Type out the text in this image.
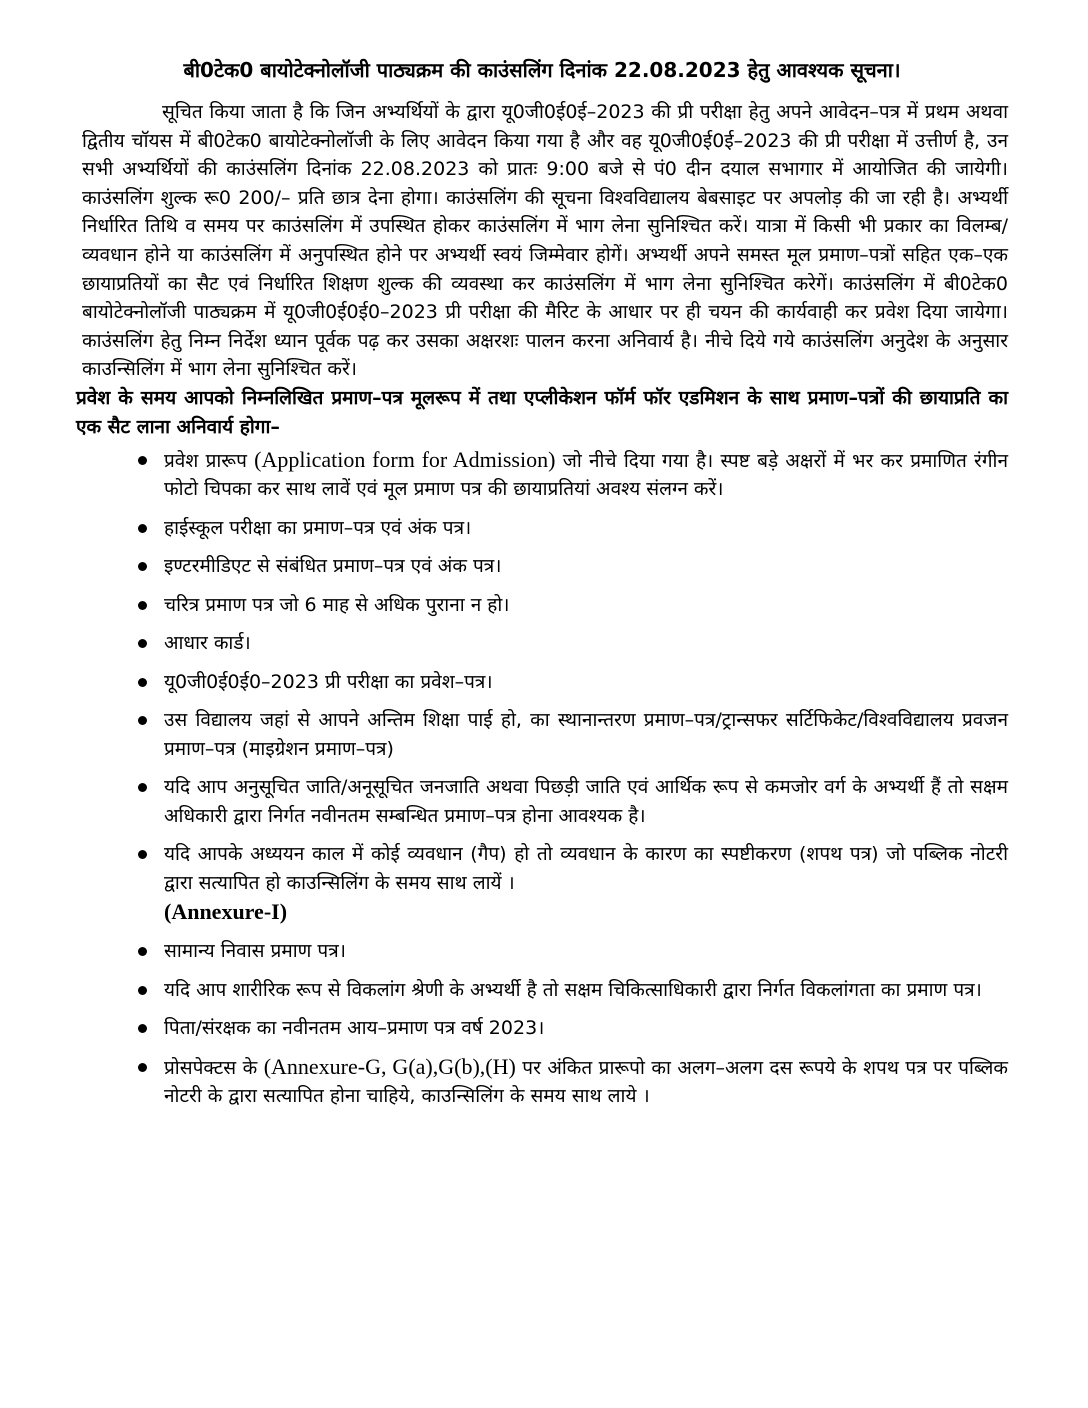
बी0टेक0 बायोटेक्नोलॉजी पाठ्यक्रम की काउंसलिंग दिनांक 22.08.2023 हेतु आवश्यक सूचना।

सूचित किया जाता है कि जिन अभ्यर्थियों के द्वारा यू0जी0ई0ई–2023 की प्री परीक्षा हेतु अपने आवेदन–पत्र में प्रथम अथवा द्वितीय चॉयस में बी0टेक0 बायोटेक्नोलॉजी के लिए आवेदन किया गया है और वह यू0जी0ई0ई–2023 की प्री परीक्षा में उत्तीर्ण है, उन सभी अभ्यर्थियों की काउंसलिंग दिनांक 22.08.2023 को प्रातः 9:00 बजे से पं0 दीन दयाल सभागार में आयोजित की जायेगी। काउंसलिंग शुल्क रू0 200/– प्रति छात्र देना होगा। काउंसलिंग की सूचना विश्वविद्यालय बेबसाइट पर अपलोड़ की जा रही है। अभ्यर्थी निर्धारित तिथि व समय पर काउंसलिंग में उपस्थित होकर काउंसलिंग में भाग लेना सुनिश्चित करें। यात्रा में किसी भी प्रकार का विलम्ब/व्यवधान होने या काउंसलिंग में अनुपस्थित होने पर अभ्यर्थी स्वयं जिम्मेवार होगें। अभ्यर्थी अपने समस्त मूल प्रमाण–पत्रों सहित एक–एक छायाप्रतियों का सैट एवं निर्धारित शिक्षण शुल्क की व्यवस्था कर काउंसलिंग में भाग लेना सुनिश्चित करेगें। काउंसलिंग में बी0टेक0 बायोटेक्नोलॉजी पाठ्यक्रम में यू0जी0ई0ई0–2023 प्री परीक्षा की मैरिट के आधार पर ही चयन की कार्यवाही कर प्रवेश दिया जायेगा। काउंसलिंग हेतु निम्न निर्देश ध्यान पूर्वक पढ़ कर उसका अक्षरशः पालन करना अनिवार्य है। नीचे दिये गये काउंसलिंग अनुदेश के अनुसार काउन्सिलिंग में भाग लेना सुनिश्चित करें।

प्रवेश के समय आपको निम्नलिखित प्रमाण–पत्र मूलरूप में तथा एप्लीकेशन फॉर्म फॉर एडमिशन के साथ प्रमाण–पत्रों की छायाप्रति का एक सैट लाना अनिवार्य होगा–

प्रवेश प्रारूप (Application form for Admission) जो नीचे दिया गया है। स्पष्ट बड़े अक्षरों में भर कर प्रमाणित रंगीन फोटो चिपका कर साथ लावें एवं मूल प्रमाण पत्र की छायाप्रतियां अवश्य संलग्न करें।
हाईस्कूल परीक्षा का प्रमाण–पत्र एवं अंक पत्र।
इण्टरमीडिएट से संबंधित प्रमाण–पत्र एवं अंक पत्र।
चरित्र प्रमाण पत्र जो 6 माह से अधिक पुराना न हो।
आधार कार्ड।
यू0जी0ई0ई0–2023 प्री परीक्षा का प्रवेश–पत्र।
उस विद्यालय जहां से आपने अन्तिम शिक्षा पाई हो, का स्थानान्तरण प्रमाण–पत्र/ट्रान्सफर सर्टिफिकेट/विश्वविद्यालय प्रवजन प्रमाण–पत्र (माइग्रेशन प्रमाण–पत्र)
यदि आप अनुसूचित जाति/अनूसूचित जनजाति अथवा पिछड़ी जाति एवं आर्थिक रूप से कमजोर वर्ग के अभ्यर्थी हैं तो सक्षम अधिकारी द्वारा निर्गत नवीनतम सम्बन्धित प्रमाण–पत्र होना आवश्यक है।
यदि आपके अध्ययन काल में कोई व्यवधान (गैप) हो तो व्यवधान के कारण का स्पष्टीकरण (शपथ पत्र) जो पब्लिक नोटरी द्वारा सत्यापित हो काउन्सिलिंग के समय साथ लायें ।
(Annexure-I)
सामान्य निवास प्रमाण पत्र।
यदि आप शारीरिक रूप से विकलांग श्रेणी के अभ्यर्थी है तो सक्षम चिकित्साधिकारी द्वारा निर्गत विकलांगता का प्रमाण पत्र।
पिता/संरक्षक का नवीनतम आय–प्रमाण पत्र वर्ष 2023।
प्रोसपेक्टस के (Annexure-G, G(a),G(b),(H) पर अंकित प्रारूपो का अलग–अलग दस रूपये के शपथ पत्र पर पब्लिक नोटरी के द्वारा सत्यापित होना चाहिये, काउन्सिलिंग के समय साथ लाये ।
